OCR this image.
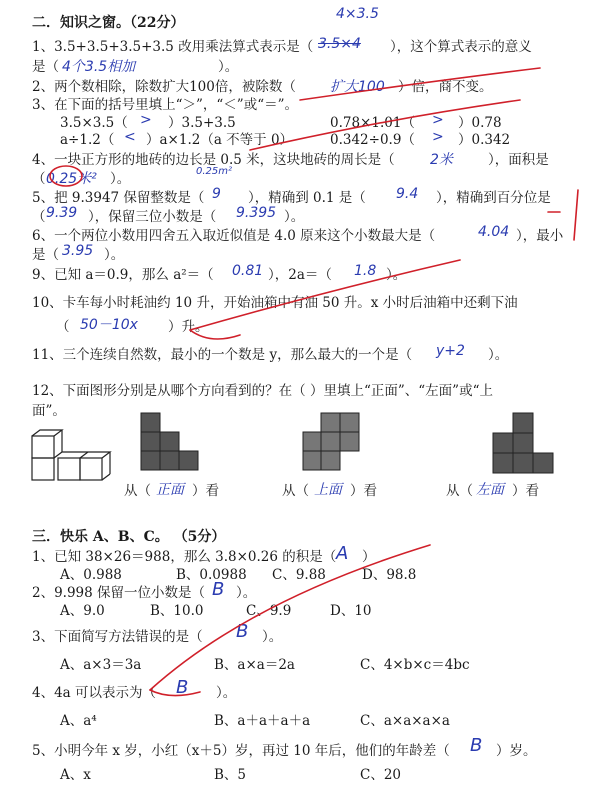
二．知识之窗。（22分）
4×3.5
1、3.5+3.5+3.5+3.5 改用乘法算式表示是（ 3.5×4 ），这个算式表示的意义
是（ 4个3.5相加	）。
2、两个数相除，除数扩大100倍，被除数（ 扩大100 ）倍，商不变。
3、在下面的括号里填上“＞”，“＜”或“＝”。
3.5×3.5（ > ）3.5+3.5	0.78×1.01（ > ）0.78
a÷1.2（ < ）a×1.2（a 不等于 0）	0.342÷0.9（ > ）0.342
4、一块正方形的地砖的边长是 0.5 米，这块地砖的周长是（	2米	），面积是
（ 0.25米² ）。	0.25m²
5、把 9.3947 保留整数是（ 9 ），精确到 0.1 是（ 9.4 ），精确到百分位是
（ 9.39 ），保留三位小数是（ 9.395 ）。
6、一个两位小数用四舍五入取近似值是 4.0 原来这个小数最大是（	4.04 ），最小
是（ 3.95 ）。
9、已知 a＝0.9，那么 a²＝（ 0.81 ），2a＝（ 1.8 ）。
10、卡车每小时耗油约 10 升，开始油箱中有油 50 升。x 小时后油箱中还剩下油
（ 50－10x ）升。
11、三个连续自然数，最小的一个数是 y，那么最大的一个是（ y+2 ）。
12、下面图形分别是从哪个方向看到的？在（ ）里填上“正面”、“左面”或“上
面”。
从（ 正面 ）看	从（ 上面 ）看	从（ 左面 ）看
三．快乐 A、B、C。 （5分）
1、已知 38×26＝988，那么 3.8×0.26 的积是（ A ）
A、0.988	B、0.0988 C、9.88	D、98.8
2、9.998 保留一位小数是（ B ）。
A、9.0	B、10.0	C、9.9	D、10
3、下面简写方法错误的是（ B ）。
A、a×3＝3a	B、a×a＝2a	C、4×b×c＝4bc
4、4a 可以表示为（ B ）。
A、a⁴	B、a＋a＋a＋a	C、a×a×a×a
5、小明今年 x 岁，小红（x＋5）岁，再过 10 年后，他们的年龄差（ B ）岁。
A、x	B、5	C、20
